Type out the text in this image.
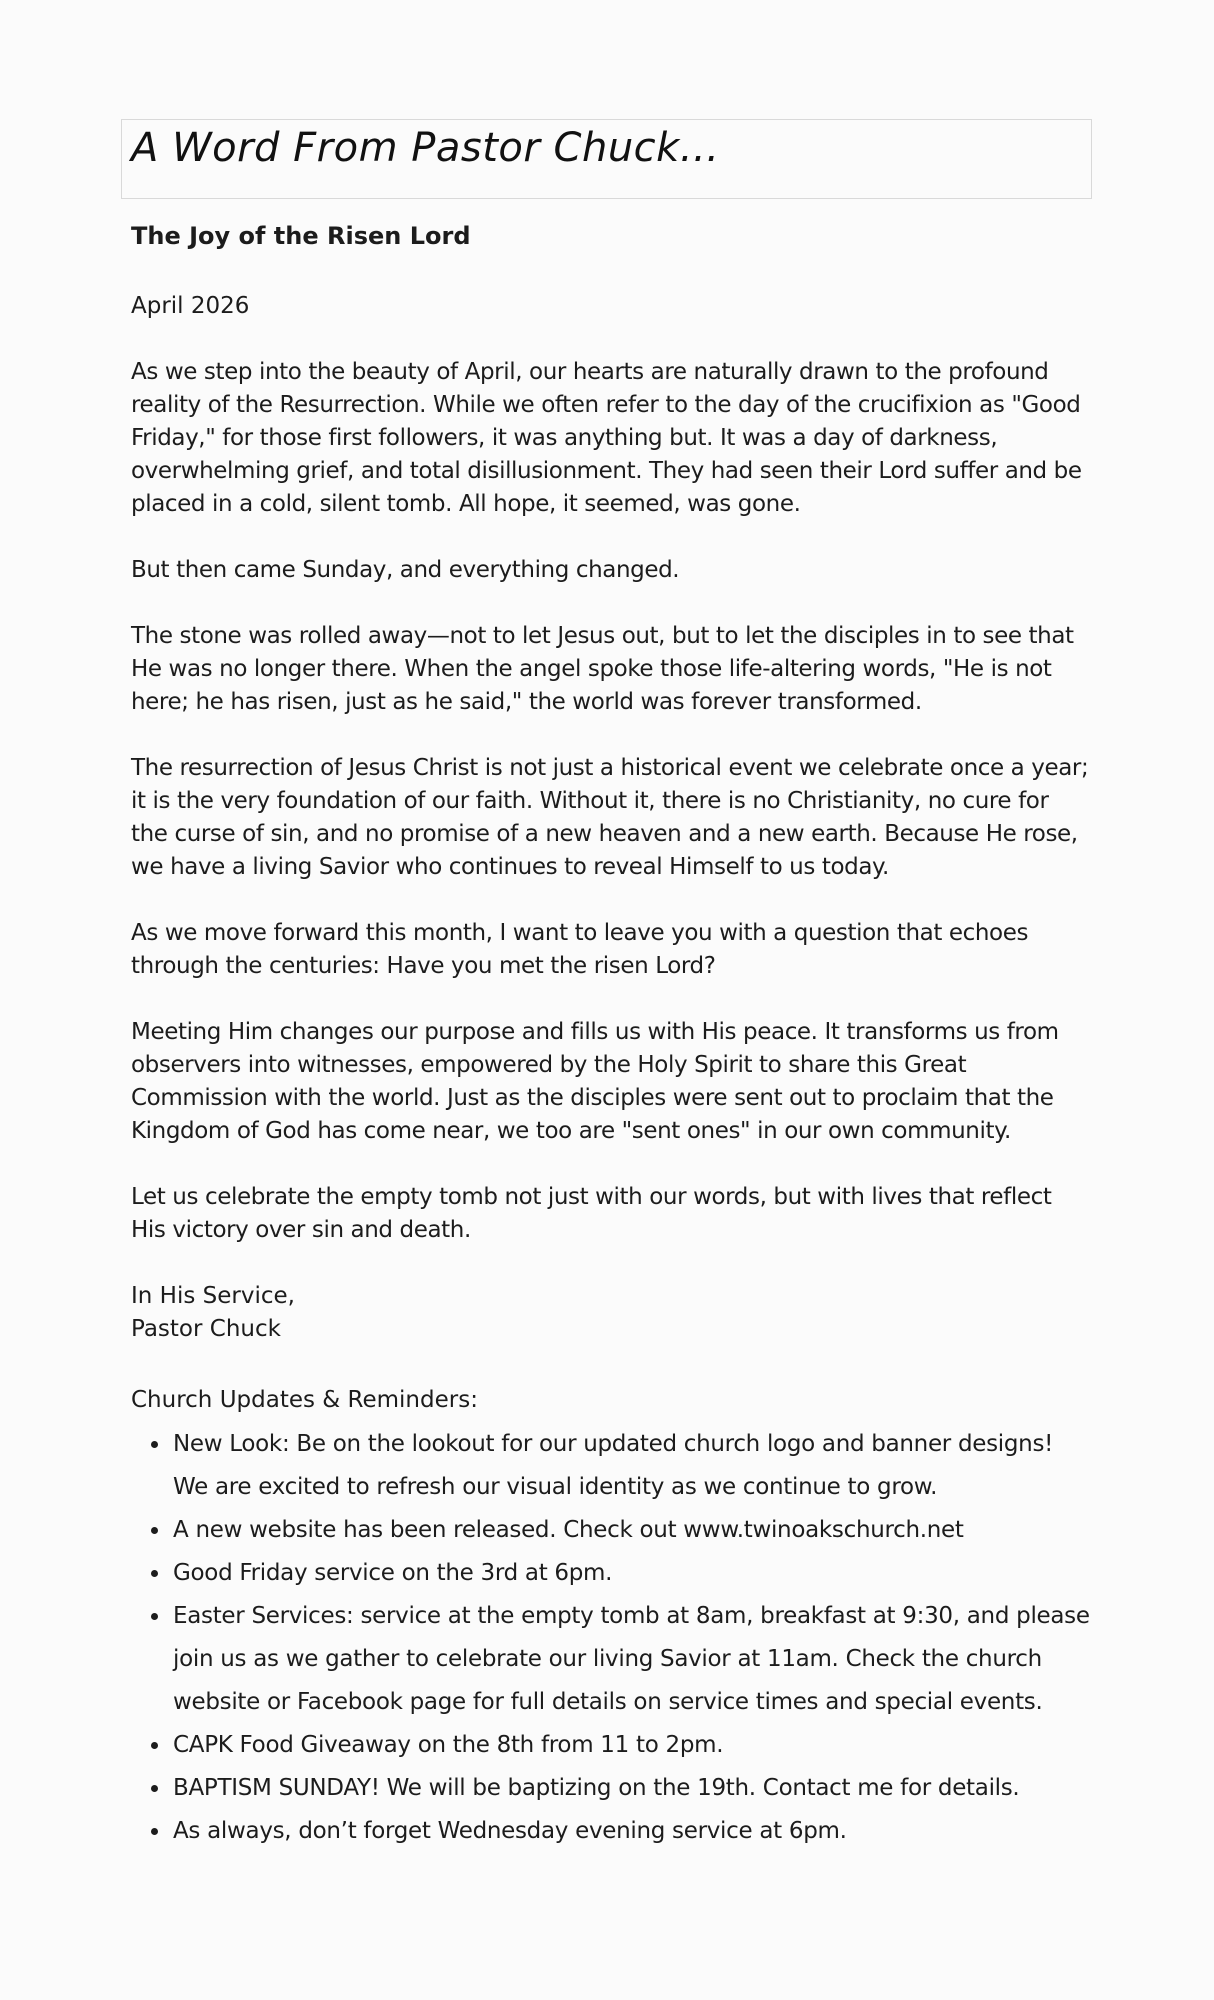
A Word From Pastor Chuck...

The Joy of the Risen Lord

April 2026

As we step into the beauty of April, our hearts are naturally drawn to the profound reality of the Resurrection. While we often refer to the day of the crucifixion as "Good Friday," for those first followers, it was anything but. It was a day of darkness, overwhelming grief, and total disillusionment. They had seen their Lord suffer and be placed in a cold, silent tomb. All hope, it seemed, was gone.

But then came Sunday, and everything changed.

The stone was rolled away—not to let Jesus out, but to let the disciples in to see that He was no longer there. When the angel spoke those life-altering words, "He is not here; he has risen, just as he said," the world was forever transformed.

The resurrection of Jesus Christ is not just a historical event we celebrate once a year; it is the very foundation of our faith. Without it, there is no Christianity, no cure for the curse of sin, and no promise of a new heaven and a new earth. Because He rose, we have a living Savior who continues to reveal Himself to us today.

As we move forward this month, I want to leave you with a question that echoes through the centuries: Have you met the risen Lord?

Meeting Him changes our purpose and fills us with His peace. It transforms us from observers into witnesses, empowered by the Holy Spirit to share this Great Commission with the world. Just as the disciples were sent out to proclaim that the Kingdom of God has come near, we too are "sent ones" in our own community.

Let us celebrate the empty tomb not just with our words, but with lives that reflect His victory over sin and death.

In His Service,
Pastor Chuck

Church Updates & Reminders:

• New Look: Be on the lookout for our updated church logo and banner designs! We are excited to refresh our visual identity as we continue to grow.
• A new website has been released. Check out www.twinoakschurch.net
• Good Friday service on the 3rd at 6pm.
• Easter Services: service at the empty tomb at 8am, breakfast at 9:30, and please join us as we gather to celebrate our living Savior at 11am. Check the church website or Facebook page for full details on service times and special events.
• CAPK Food Giveaway on the 8th from 11 to 2pm.
• BAPTISM SUNDAY! We will be baptizing on the 19th. Contact me for details.
• As always, don’t forget Wednesday evening service at 6pm.
